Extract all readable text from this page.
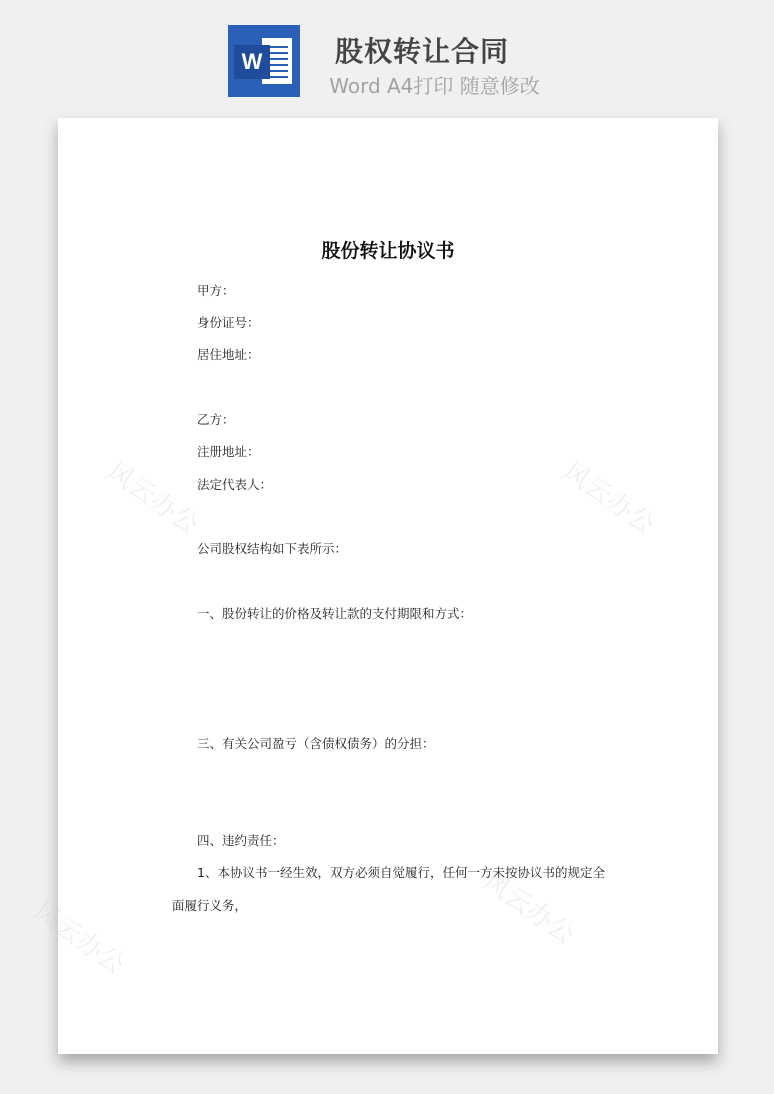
W	股权转让合同
Word A4打印 随意修改
风云办公	风云办公
风云办公
风云办公
股份转让协议书
甲方：
身份证号：
居住地址：
乙方：
注册地址：
法定代表人：
公司股权结构如下表所示：
一、股份转让的价格及转让款的支付期限和方式：
三、有关公司盈亏（含债权债务）的分担：
四、违约责任：
1、本协议书一经生效，双方必须自觉履行，任何一方未按协议书的规定全
面履行义务，
